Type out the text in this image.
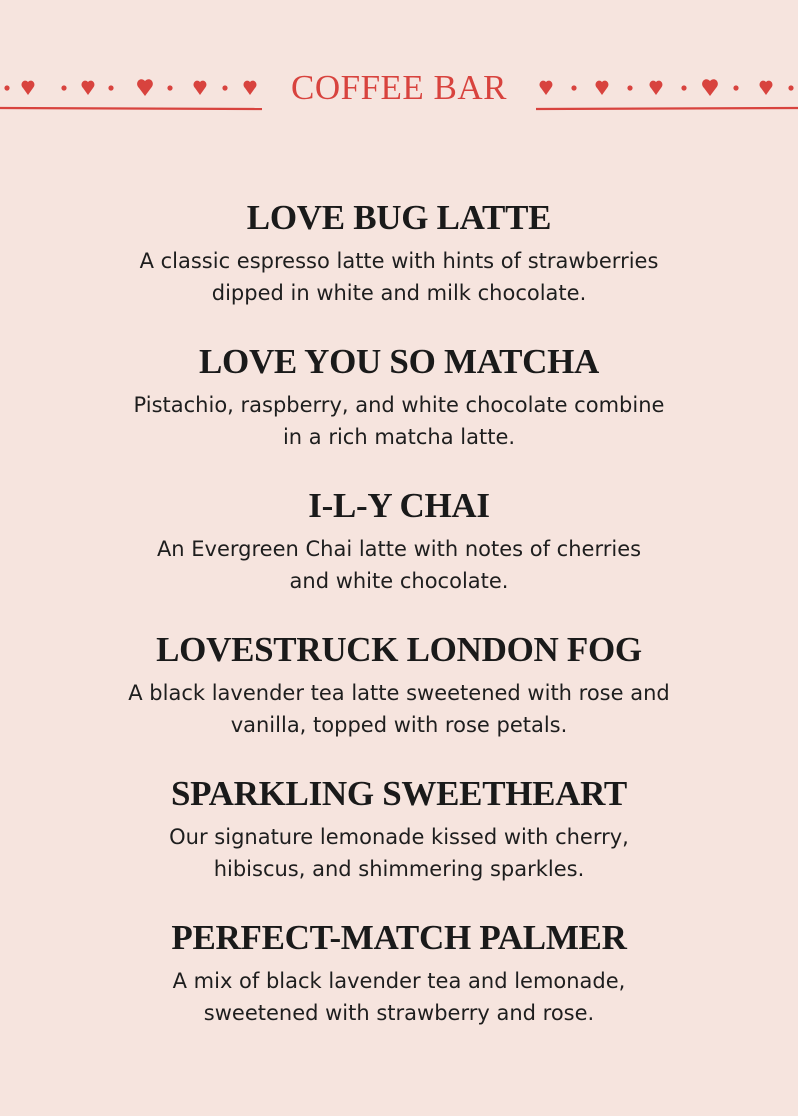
COFFEE BAR
LOVE BUG LATTE

A classic espresso latte with hints of strawberries
dipped in white and milk chocolate.

LOVE YOU SO MATCHA

Pistachio, raspberry, and white chocolate combine
in a rich matcha latte.

I-L-Y CHAI

An Evergreen Chai latte with notes of cherries
and white chocolate.

LOVESTRUCK LONDON FOG

A black lavender tea latte sweetened with rose and
vanilla, topped with rose petals.

SPARKLING SWEETHEART

Our signature lemonade kissed with cherry,
hibiscus, and shimmering sparkles.

PERFECT-MATCH PALMER

A mix of black lavender tea and lemonade,
sweetened with strawberry and rose.
